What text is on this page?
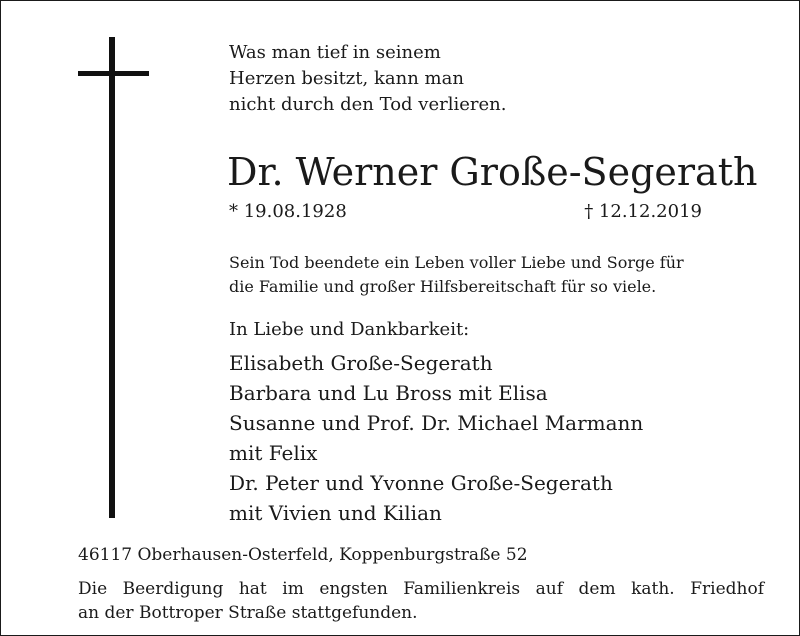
Was man tief in seinem
Herzen besitzt, kann man
nicht durch den Tod verlieren.
Dr. Werner Große-Segerath
* 19.08.1928	† 12.12.2019
Sein Tod beendete ein Leben voller Liebe und Sorge für
die Familie und großer Hilfsbereitschaft für so viele.
In Liebe und Dankbarkeit:
Elisabeth Große-Segerath
Barbara und Lu Bross mit Elisa
Susanne und Prof. Dr. Michael Marmann
mit Felix
Dr. Peter und Yvonne Große-Segerath
mit Vivien und Kilian
46117 Oberhausen-Osterfeld, Koppenburgstraße 52
Die Beerdigung hat im engsten Familienkreis auf dem kath. Friedhof
an der Bottroper Straße stattgefunden.
